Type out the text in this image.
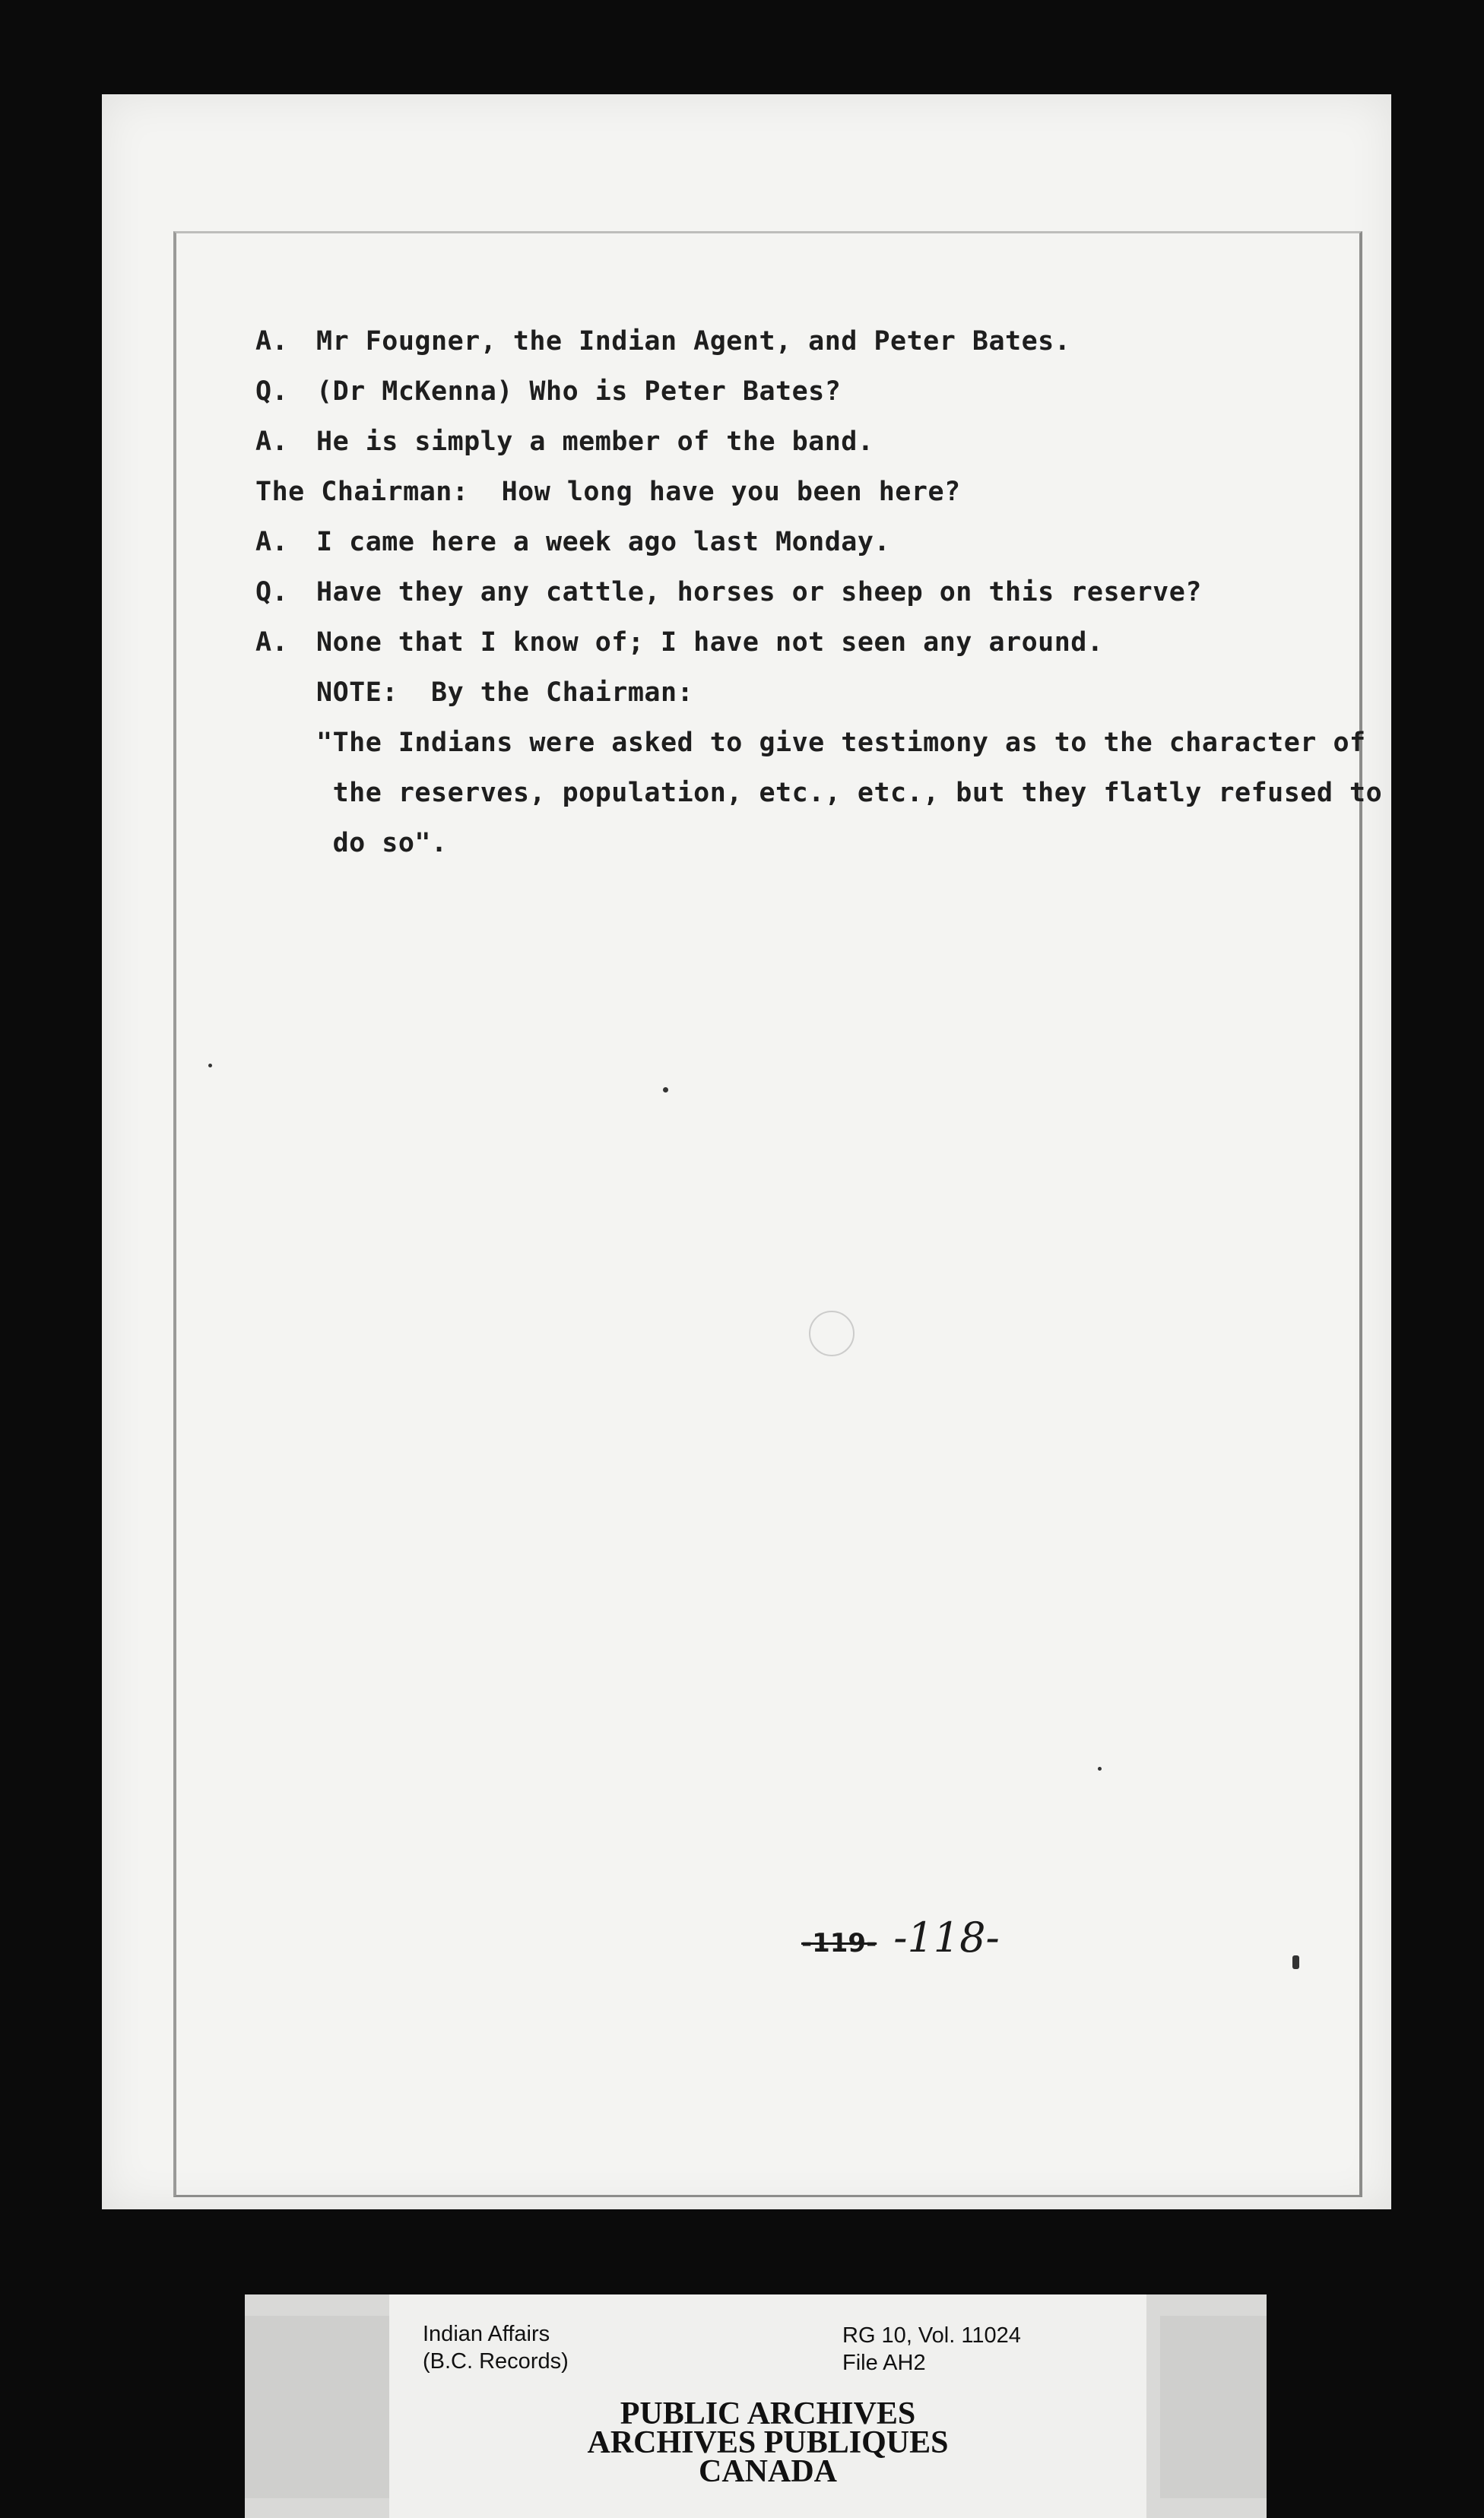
A. Mr Fougner, the Indian Agent, and Peter Bates.
Q. (Dr McKenna) Who is Peter Bates?
A. He is simply a member of the band.
The Chairman:  How long have you been here?
A. I came here a week ago last Monday.
Q. Have they any cattle, horses or sheep on this reserve?
A. None that I know of; I have not seen any around.
NOTE:  By the Chairman:
"The Indians were asked to give testimony as to the character of
the reserves, population, etc., etc., but they flatly refused to
do so".
-119- -118-
Indian Affairs
(B.C. Records)
RG 10, Vol. 11024
File AH2
PUBLIC ARCHIVES
ARCHIVES PUBLIQUES
CANADA
